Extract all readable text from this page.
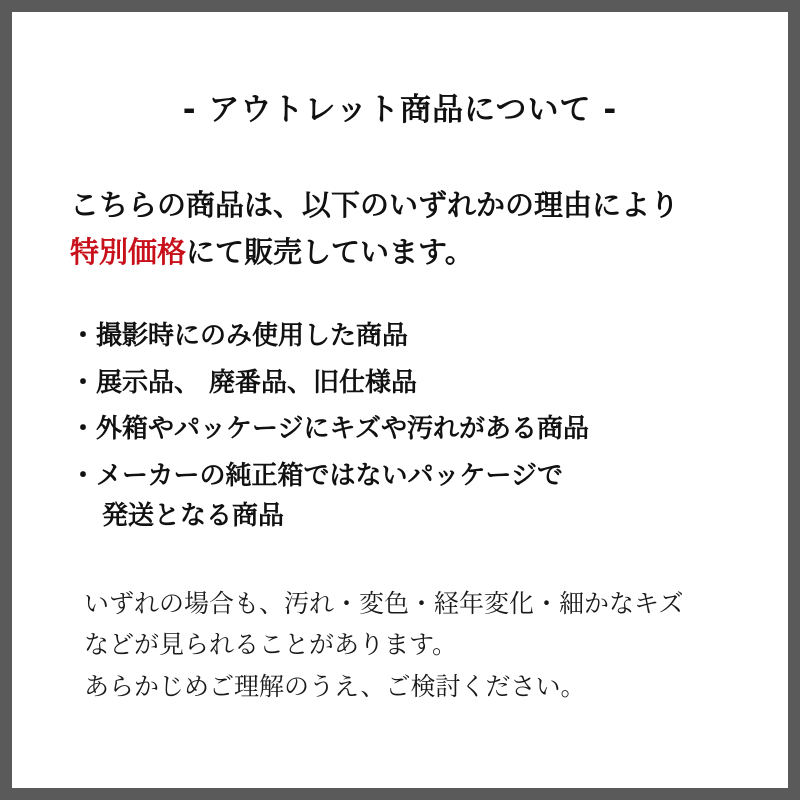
- アウトレット商品について -
こちらの商品は、以下のいずれかの理由により
特別価格にて販売しています。
・ 撮影時にのみ使用した商品
・ 展示品、 廃番品、旧仕様品
・ 外箱やパッケージにキズや汚れがある商品
・ メーカーの純正箱ではないパッケージで
発送となる商品

いずれの場合も、汚れ・変色・経年変化・細かなキズ

などが見られることがあります。

あらかじめご理解のうえ、ご検討ください。
